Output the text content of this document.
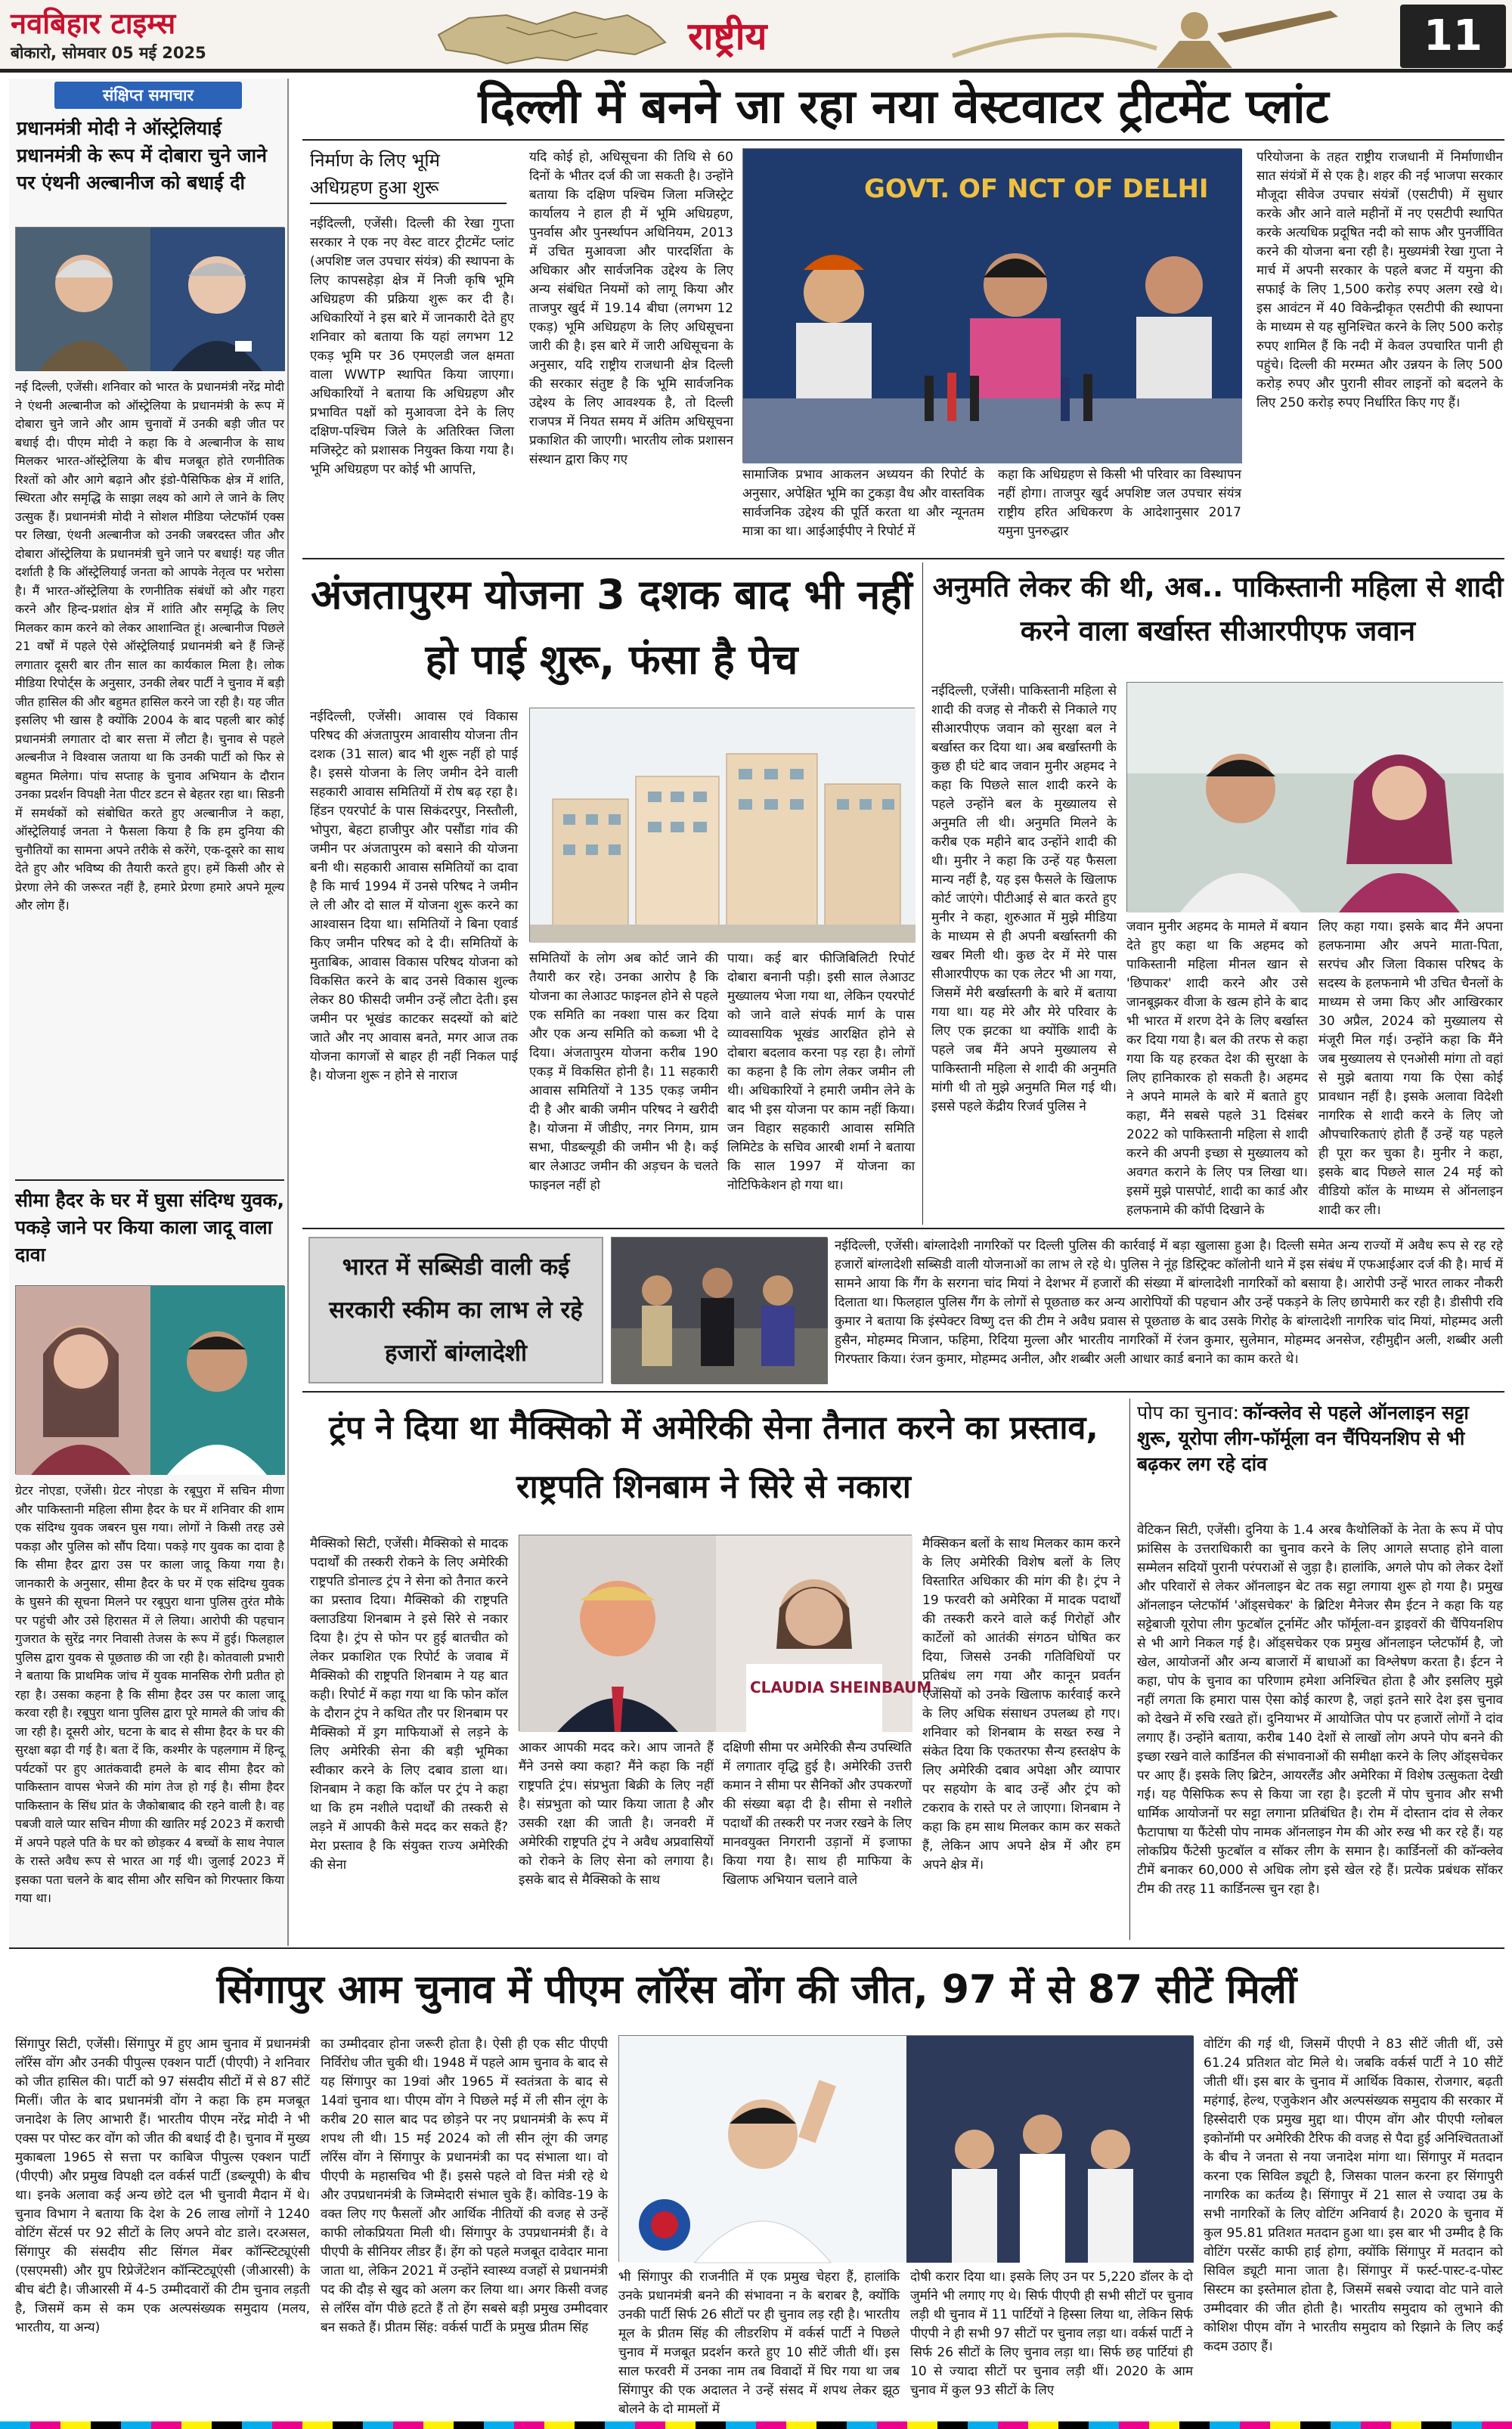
नवबिहार टाइम्स
बोकारो, सोमवार 05 मई 2025	राष्ट्रीय	11
संक्षिप्त समाचार
प्रधानमंत्री मोदी ने ऑस्ट्रेलियाई प्रधानमंत्री के रूप में दोबारा चुने जाने पर एंथनी अल्बानीज को बधाई दी
नई दिल्ली, एजेंसी। शनिवार को भारत के प्रधानमंत्री नरेंद्र मोदी ने एंथनी अल्बानीज को ऑस्ट्रेलिया के प्रधानमंत्री के रूप में दोबारा चुने जाने और आम चुनावों में उनकी बड़ी जीत पर बधाई दी। पीएम मोदी ने कहा कि वे अल्बानीज के साथ मिलकर भारत-ऑस्ट्रेलिया के बीच मजबूत होते रणनीतिक रिश्तों को और आगे बढ़ाने और इंडो-पैसिफिक क्षेत्र में शांति, स्थिरता और समृद्धि के साझा लक्ष्य को आगे ले जाने के लिए उत्सुक हैं। प्रधानमंत्री मोदी ने सोशल मीडिया प्लेटफॉर्म एक्स पर लिखा, एंथनी अल्बानीज को उनकी जबरदस्त जीत और दोबारा ऑस्ट्रेलिया के प्रधानमंत्री चुने जाने पर बधाई! यह जीत दर्शाती है कि ऑस्ट्रेलियाई जनता को आपके नेतृत्व पर भरोसा है। मैं भारत-ऑस्ट्रेलिया के रणनीतिक संबंधों को और गहरा करने और हिन्द-प्रशांत क्षेत्र में शांति और समृद्धि के लिए मिलकर काम करने को लेकर आशान्वित हूं। अल्बानीज पिछले 21 वर्षों में पहले ऐसे ऑस्ट्रेलियाई प्रधानमंत्री बने हैं जिन्हें लगातार दूसरी बार तीन साल का कार्यकाल मिला है। लोक मीडिया रिपोर्ट्स के अनुसार, उनकी लेबर पार्टी ने चुनाव में बड़ी जीत हासिल की और बहुमत हासिल करने जा रही है। यह जीत इसलिए भी खास है क्योंकि 2004 के बाद पहली बार कोई प्रधानमंत्री लगातार दो बार सत्ता में लौटा है। चुनाव से पहले अल्बनीज ने विश्वास जताया था कि उनकी पार्टी को फिर से बहुमत मिलेगा। पांच सप्ताह के चुनाव अभियान के दौरान उनका प्रदर्शन विपक्षी नेता पीटर डटन से बेहतर रहा था। सिडनी में समर्थकों को संबोधित करते हुए अल्बानीज ने कहा, ऑस्ट्रेलियाई जनता ने फैसला किया है कि हम दुनिया की चुनौतियों का सामना अपने तरीके से करेंगे, एक-दूसरे का साथ देते हुए और भविष्य की तैयारी करते हुए। हमें किसी और से प्रेरणा लेने की जरूरत नहीं है, हमारे प्रेरणा हमारे अपने मूल्य और लोग हैं।
सीमा हैदर के घर में घुसा संदिग्ध युवक, पकड़े जाने पर किया काला जादू वाला दावा
ग्रेटर नोएडा, एजेंसी। ग्रेटर नोएडा के रबूपुरा में सचिन मीणा और पाकिस्तानी महिला सीमा हैदर के घर में शनिवार की शाम एक संदिग्ध युवक जबरन घुस गया। लोगों ने किसी तरह उसे पकड़ा और पुलिस को सौंप दिया। पकड़े गए युवक का दावा है कि सीमा हैदर द्वारा उस पर काला जादू किया गया है। जानकारी के अनुसार, सीमा हैदर के घर में एक संदिग्ध युवक के घुसने की सूचना मिलने पर रबूपुरा थाना पुलिस तुरंत मौके पर पहुंची और उसे हिरासत में ले लिया। आरोपी की पहचान गुजरात के सुरेंद्र नगर निवासी तेजस के रूप में हुई। फिलहाल पुलिस द्वारा युवक से पूछताछ की जा रही है। कोतवाली प्रभारी ने बताया कि प्राथमिक जांच में युवक मानसिक रोगी प्रतीत हो रहा है। उसका कहना है कि सीमा हैदर उस पर काला जादू करवा रही है। रबूपुरा थाना पुलिस द्वारा पूरे मामले की जांच की जा रही है। दूसरी ओर, घटना के बाद से सीमा हैदर के घर की सुरक्षा बढ़ा दी गई है। बता दें कि, कश्मीर के पहलगाम में हिन्दू पर्यटकों पर हुए आतंकवादी हमले के बाद सीमा हैदर को पाकिस्तान वापस भेजने की मांग तेज हो गई है। सीमा हैदर पाकिस्तान के सिंध प्रांत के जैकोबाबाद की रहने वाली है। वह पबजी वाले प्यार सचिन मीणा की खातिर मई 2023 में कराची में अपने पहले पति के घर को छोड़कर 4 बच्चों के साथ नेपाल के रास्ते अवैध रूप से भारत आ गई थी। जुलाई 2023 में इसका पता चलने के बाद सीमा और सचिन को गिरफ्तार किया गया था।
दिल्ली में बनने जा रहा नया वेस्टवाटर ट्रीटमेंट प्लांट
निर्माण के लिए भूमि अधिग्रहण हुआ शुरू
नईदिल्ली, एजेंसी। दिल्ली की रेखा गुप्ता सरकार ने एक नए वेस्ट वाटर ट्रीटमेंट प्लांट (अपशिष्ट जल उपचार संयंत्र) की स्थापना के लिए कापसहेड़ा क्षेत्र में निजी कृषि भूमि अधिग्रहण की प्रक्रिया शुरू कर दी है। अधिकारियों ने इस बारे में जानकारी देते हुए शनिवार को बताया कि यहां लगभग 12 एकड़ भूमि पर 36 एमएलडी जल क्षमता वाला WWTP स्थापित किया जाएगा। अधिकारियों ने बताया कि अधिग्रहण और प्रभावित पक्षों को मुआवजा देने के लिए दक्षिण-पश्चिम जिले के अतिरिक्त जिला मजिस्ट्रेट को प्रशासक नियुक्त किया गया है। भूमि अधिग्रहण पर कोई भी आपत्ति,
यदि कोई हो, अधिसूचना की तिथि से 60 दिनों के भीतर दर्ज की जा सकती है। उन्होंने बताया कि दक्षिण पश्चिम जिला मजिस्ट्रेट कार्यालय ने हाल ही में भूमि अधिग्रहण, पुनर्वास और पुनर्स्थापन अधिनियम, 2013 में उचित मुआवजा और पारदर्शिता के अधिकार और सार्वजनिक उद्देश्य के लिए अन्य संबंधित नियमों को लागू किया और ताजपुर खुर्द में 19.14 बीघा (लगभग 12 एकड़) भूमि अधिग्रहण के लिए अधिसूचना जारी की है। इस बारे में जारी अधिसूचना के अनुसार, यदि राष्ट्रीय राजधानी क्षेत्र दिल्ली की सरकार संतुष्ट है कि भूमि सार्वजनिक उद्देश्य के लिए आवश्यक है, तो दिल्ली राजपत्र में नियत समय में अंतिम अधिसूचना प्रकाशित की जाएगी। भारतीय लोक प्रशासन संस्थान द्वारा किए गए
GOVT. OF NCT OF DELHI
सामाजिक प्रभाव आकलन अध्ययन की रिपोर्ट के अनुसार, अपेक्षित भूमि का टुकड़ा वैध और वास्तविक सार्वजनिक उद्देश्य की पूर्ति करता था और न्यूनतम मात्रा का था। आईआईपीए ने रिपोर्ट में
कहा कि अधिग्रहण से किसी भी परिवार का विस्थापन नहीं होगा। ताजपुर खुर्द अपशिष्ट जल उपचार संयंत्र राष्ट्रीय हरित अधिकरण के आदेशानुसार 2017 यमुना पुनरुद्धार
परियोजना के तहत राष्ट्रीय राजधानी में निर्माणाधीन सात संयंत्रों में से एक है। शहर की नई भाजपा सरकार मौजूदा सीवेज उपचार संयंत्रों (एसटीपी) में सुधार करके और आने वाले महीनों में नए एसटीपी स्थापित करके अत्यधिक प्रदूषित नदी को साफ और पुनर्जीवित करने की योजना बना रही है। मुख्यमंत्री रेखा गुप्ता ने मार्च में अपनी सरकार के पहले बजट में यमुना की सफाई के लिए 1,500 करोड़ रुपए अलग रखे थे। इस आवंटन में 40 विकेन्द्रीकृत एसटीपी की स्थापना के माध्यम से यह सुनिश्चित करने के लिए 500 करोड़ रुपए शामिल हैं कि नदी में केवल उपचारित पानी ही पहुंचे। दिल्ली की मरम्मत और उन्नयन के लिए 500 करोड़ रुपए और पुरानी सीवर लाइनों को बदलने के लिए 250 करोड़ रुपए निर्धारित किए गए हैं।
अंजतापुरम योजना 3 दशक बाद भी नहीं हो पाई शुरू, फंसा है पेच
नईदिल्ली, एजेंसी। आवास एवं विकास परिषद की अंजतापुरम आवासीय योजना तीन दशक (31 साल) बाद भी शुरू नहीं हो पाई है। इससे योजना के लिए जमीन देने वाली सहकारी आवास समितियों में रोष बढ़ रहा है। हिंडन एयरपोर्ट के पास सिकंदरपुर, निस्तौली, भोपुरा, बेहटा हाजीपुर और पसौंडा गांव की जमीन पर अंजतापुरम को बसाने की योजना बनी थी। सहकारी आवास समितियों का दावा है कि मार्च 1994 में उनसे परिषद ने जमीन ले ली और दो साल में योजना शुरू करने का आश्वासन दिया था। समितियों ने बिना एवार्ड किए जमीन परिषद को दे दी। समितियों के मुताबिक, आवास विकास परिषद योजना को विकसित करने के बाद उनसे विकास शुल्क लेकर 80 फीसदी जमीन उन्हें लौटा देती। इस जमीन पर भूखंड काटकर सदस्यों को बांटे जाते और नए आवास बनते, मगर आज तक योजना कागजों से बाहर ही नहीं निकल पाई है। योजना शुरू न होने से नाराज
समितियों के लोग अब कोर्ट जाने की तैयारी कर रहे। उनका आरोप है कि योजना का लेआउट फाइनल होने से पहले एक समिति का नक्शा पास कर दिया और एक अन्य समिति को कब्जा भी दे दिया। अंजतापुरम योजना करीब 190 एकड़ में विकसित होनी है। 11 सहकारी आवास समितियों ने 135 एकड़ जमीन दी है और बाकी जमीन परिषद ने खरीदी है। योजना में जीडीए, नगर निगम, ग्राम सभा, पीडब्ल्यूडी की जमीन भी है। कई बार लेआउट जमीन की अड़चन के चलते फाइनल नहीं हो
पाया। कई बार फीजिबिलिटी रिपोर्ट दोबारा बनानी पड़ी। इसी साल लेआउट मुख्यालय भेजा गया था, लेकिन एयरपोर्ट को जाने वाले संपर्क मार्ग के पास व्यावसायिक भूखंड आरक्षित होने से दोबारा बदलाव करना पड़ रहा है। लोगों का कहना है कि लोग लेकर जमीन ली थी। अधिकारियों ने हमारी जमीन लेने के बाद भी इस योजना पर काम नहीं किया। जन विहार सहकारी आवास समिति लिमिटेड के सचिव आरबी शर्मा ने बताया कि साल 1997 में योजना का नोटिफिकेशन हो गया था।
अनुमति लेकर की थी, अब.. पाकिस्तानी महिला से शादी करने वाला बर्खास्त सीआरपीएफ जवान
नईदिल्ली, एजेंसी। पाकिस्तानी महिला से शादी की वजह से नौकरी से निकाले गए सीआरपीएफ जवान को सुरक्षा बल ने बर्खास्त कर दिया था। अब बर्खास्तगी के कुछ ही घंटे बाद जवान मुनीर अहमद ने कहा कि पिछले साल शादी करने के पहले उन्होंने बल के मुख्यालय से अनुमति ली थी। अनुमति मिलने के करीब एक महीने बाद उन्होंने शादी की थी। मुनीर ने कहा कि उन्हें यह फैसला मान्य नहीं है, यह इस फैसले के खिलाफ कोर्ट जाएंगे। पीटीआई से बात करते हुए मुनीर ने कहा, शुरुआत में मुझे मीडिया के माध्यम से ही अपनी बर्खास्तगी की खबर मिली थी। कुछ देर में मेरे पास सीआरपीएफ का एक लेटर भी आ गया, जिसमें मेरी बर्खास्तगी के बारे में बताया गया था। यह मेरे और मेरे परिवार के लिए एक झटका था क्योंकि शादी के पहले जब मैंने अपने मुख्यालय से पाकिस्तानी महिला से शादी की अनुमति मांगी थी तो मुझे अनुमति मिल गई थी। इससे पहले केंद्रीय रिजर्व पुलिस ने
जवान मुनीर अहमद के मामले में बयान देते हुए कहा था कि अहमद को पाकिस्तानी महिला मीनल खान से 'छिपाकर' शादी करने और उसे जानबूझकर वीजा के खत्म होने के बाद भी भारत में शरण देने के लिए बर्खास्त कर दिया गया है। बल की तरफ से कहा गया कि यह हरकत देश की सुरक्षा के लिए हानिकारक हो सकती है। अहमद ने अपने मामले के बारे में बताते हुए कहा, मैंने सबसे पहले 31 दिसंबर 2022 को पाकिस्तानी महिला से शादी करने की अपनी इच्छा से मुख्यालय को अवगत कराने के लिए पत्र लिखा था। इसमें मुझे पासपोर्ट, शादी का कार्ड और हलफनामे की कॉपी दिखाने के
लिए कहा गया। इसके बाद मैंने अपना हलफनामा और अपने माता-पिता, सरपंच और जिला विकास परिषद के सदस्य के हलफनामे भी उचित चैनलों के माध्यम से जमा किए और आखिरकार 30 अप्रैल, 2024 को मुख्यालय से मंजूरी मिल गई। उन्होंने कहा कि मैंने जब मुख्यालय से एनओसी मांगा तो वहां से मुझे बताया गया कि ऐसा कोई प्रावधान नहीं है। इसके अलावा विदेशी नागरिक से शादी करने के लिए जो औपचारिकताएं होती हैं उन्हें यह पहले ही पूरा कर चुका है। मुनीर ने कहा, इसके बाद पिछले साल 24 मई को वीडियो कॉल के माध्यम से ऑनलाइन शादी कर ली।
भारत में सब्सिडी वाली कई सरकारी स्कीम का लाभ ले रहे हजारों बांग्लादेशी
नईदिल्ली, एजेंसी। बांग्लादेशी नागरिकों पर दिल्ली पुलिस की कार्रवाई में बड़ा खुलासा हुआ है। दिल्ली समेत अन्य राज्यों में अवैध रूप से रह रहे हजारों बांग्लादेशी सब्सिडी वाली योजनाओं का लाभ ले रहे थे। पुलिस ने नूंह डिस्ट्रिक्ट कॉलोनी थाने में इस संबंध में एफआईआर दर्ज की है। मार्च में सामने आया कि गैंग के सरगना चांद मियां ने देशभर में हजारों की संख्या में बांग्लादेशी नागरिकों को बसाया है। आरोपी उन्हें भारत लाकर नौकरी दिलाता था। फिलहाल पुलिस गैंग के लोगों से पूछताछ कर अन्य आरोपियों की पहचान और उन्हें पकड़ने के लिए छापेमारी कर रही है। डीसीपी रवि कुमार ने बताया कि इंस्पेक्टर विष्णु दत्त की टीम ने अवैध प्रवास से पूछताछ के बाद उसके गिरोह के बांग्लादेशी नागरिक चांद मियां, मोहम्मद अली हुसैन, मोहम्मद मिजान, फहिमा, रिदिया मुल्ला और भारतीय नागरिकों में रंजन कुमार, सुलेमान, मोहम्मद अनसेज, रहीमुद्दीन अली, शब्बीर अली गिरफ्तार किया। रंजन कुमार, मोहम्मद अनील, और शब्बीर अली आधार कार्ड बनाने का काम करते थे।
ट्रंप ने दिया था मैक्सिको में अमेरिकी सेना तैनात करने का प्रस्ताव, राष्ट्रपति शिनबाम ने सिरे से नकारा
मैक्सिको सिटी, एजेंसी। मैक्सिको से मादक पदार्थों की तस्करी रोकने के लिए अमेरिकी राष्ट्रपति डोनाल्ड ट्रंप ने सेना को तैनात करने का प्रस्ताव दिया। मैक्सिको की राष्ट्रपति क्लाउडिया शिनबाम ने इसे सिरे से नकार दिया है। ट्रंप से फोन पर हुई बातचीत को लेकर प्रकाशित एक रिपोर्ट के जवाब में मैक्सिको की राष्ट्रपति शिनबाम ने यह बात कही। रिपोर्ट में कहा गया था कि फोन कॉल के दौरान ट्रंप ने कथित तौर पर शिनबाम पर मैक्सिको में ड्रग माफियाओं से लड़ने के लिए अमेरिकी सेना की बड़ी भूमिका स्वीकार करने के लिए दबाव डाला था। शिनबाम ने कहा कि कॉल पर ट्रंप ने कहा था कि हम नशीले पदार्थों की तस्करी से लड़ने में आपकी कैसे मदद कर सकते हैं? मेरा प्रस्ताव है कि संयुक्त राज्य अमेरिकी की सेना
CLAUDIA SHEINBAUM
आकर आपकी मदद करे। आप जानते हैं मैंने उनसे क्या कहा? मैंने कहा कि नहीं राष्ट्रपति ट्रंप। संप्रभुता बिक्री के लिए नहीं है। संप्रभुता को प्यार किया जाता है और उसकी रक्षा की जाती है। जनवरी में अमेरिकी राष्ट्रपति ट्रंप ने अवैध अप्रवासियों को रोकने के लिए सेना को लगाया है। इसके बाद से मैक्सिको के साथ
दक्षिणी सीमा पर अमेरिकी सैन्य उपस्थिति में लगातार वृद्धि हुई है। अमेरिकी उत्तरी कमान ने सीमा पर सैनिकों और उपकरणों की संख्या बढ़ा दी है। सीमा से नशीले पदार्थों की तस्करी पर नजर रखने के लिए मानवयुक्त निगरानी उड़ानों में इजाफा किया गया है। साथ ही माफिया के खिलाफ अभियान चलाने वाले
मैक्सिकन बलों के साथ मिलकर काम करने के लिए अमेरिकी विशेष बलों के लिए विस्तारित अधिकार की मांग की है। ट्रंप ने 19 फरवरी को अमेरिका में मादक पदार्थों की तस्करी करने वाले कई गिरोहों और कार्टेलों को आतंकी संगठन घोषित कर दिया, जिससे उनकी गतिविधियों पर प्रतिबंध लग गया और कानून प्रवर्तन एजेंसियों को उनके खिलाफ कार्रवाई करने के लिए अधिक संसाधन उपलब्ध हो गए। शनिवार को शिनबाम के सख्त रुख ने संकेत दिया कि एकतरफा सैन्य हस्तक्षेप के लिए अमेरिकी दबाव अपेक्षा और व्यापार पर सहयोग के बाद उन्हें और ट्रंप को टकराव के रास्ते पर ले जाएगा। शिनबाम ने कहा कि हम साथ मिलकर काम कर सकते हैं, लेकिन आप अपने क्षेत्र में और हम अपने क्षेत्र में।
पोप का चुनाव: कॉन्क्लेव से पहले ऑनलाइन सट्टा शुरू, यूरोपा लीग-फॉर्मूला वन चैंपियनशिप से भी बढ़कर लग रहे दांव
वेटिकन सिटी, एजेंसी। दुनिया के 1.4 अरब कैथोलिकों के नेता के रूप में पोप फ्रांसिस के उत्तराधिकारी का चुनाव करने के लिए आगले सप्ताह होने वाला सम्मेलन सदियों पुरानी परंपराओं से जुड़ा है। हालांकि, अगले पोप को लेकर देशों और परिवारों से लेकर ऑनलाइन बेट तक सट्टा लगाया शुरू हो गया है। प्रमुख ऑनलाइन प्लेटफॉर्म 'ऑड्सचेकर' के ब्रिटिश मैनेजर सैम ईटन ने कहा कि यह सट्टेबाजी यूरोपा लीग फुटबॉल टूर्नामेंट और फॉर्मूला-वन ड्राइवरों की चैंपियनशिप से भी आगे निकल गई है। ऑड्सचेकर एक प्रमुख ऑनलाइन प्लेटफॉर्म है, जो खेल, आयोजनों और अन्य बाजारों में बाधाओं का विश्लेषण करता है। ईटन ने कहा, पोप के चुनाव का परिणाम हमेशा अनिश्चित होता है और इसलिए मुझे नहीं लगता कि हमारा पास ऐसा कोई कारण है, जहां इतने सारे देश इस चुनाव को देखने में रुचि रखते हों। दुनियाभर में आयोजित पोप पर हजारों लोगों ने दांव लगाए हैं। उन्होंने बताया, करीब 140 देशों से लाखों लोग अपने पोप बनने की इच्छा रखने वाले कार्डिनल की संभावनाओं की समीक्षा करने के लिए ऑड्सचेकर पर आए हैं। इसके लिए ब्रिटेन, आयरलैंड और अमेरिका में विशेष उत्सुकता देखी गई। यह पैसिफिक रूप से किया जा रहा है। इटली में पोप चुनाव और सभी धार्मिक आयोजनों पर सट्टा लगाना प्रतिबंधित है। रोम में दोस्तान दांव से लेकर फैटापाषा या फैंटेसी पोप नामक ऑनलाइन गेम की ओर रुख भी कर रहे हैं। यह लोकप्रिय फैंटेसी फुटबॉल व सॉकर लीग के समान है। कार्डिनलों की कॉन्क्लेव टीमें बनाकर 60,000 से अधिक लोग इसे खेल रहे हैं। प्रत्येक प्रबंधक सॉकर टीम की तरह 11 कार्डिनल्स चुन रहा है।
सिंगापुर आम चुनाव में पीएम लॉरेंस वोंग की जीत, 97 में से 87 सीटें मिलीं
सिंगापुर सिटी, एजेंसी। सिंगापुर में हुए आम चुनाव में प्रधानमंत्री लॉरेंस वोंग और उनकी पीपुल्स एक्शन पार्टी (पीएपी) ने शनिवार को जीत हासिल की। पार्टी को 97 संसदीय सीटों में से 87 सीटें मिलीं। जीत के बाद प्रधानमंत्री वोंग ने कहा कि हम मजबूत जनादेश के लिए आभारी हैं। भारतीय पीएम नरेंद्र मोदी ने भी एक्स पर पोस्ट कर वोंग को जीत की बधाई दी है। चुनाव में मुख्य मुकाबला 1965 से सत्ता पर काबिज पीपुल्स एक्शन पार्टी (पीएपी) और प्रमुख विपक्षी दल वर्कर्स पार्टी (डब्ल्यूपी) के बीच था। इनके अलावा कई अन्य छोटे दल भी चुनावी मैदान में थे। चुनाव विभाग ने बताया कि देश के 26 लाख लोगों ने 1240 वोटिंग सेंटर्स पर 92 सीटों के लिए अपने वोट डाले। दरअसल, सिंगापुर की संसदीय सीट सिंगल मेंबर कॉन्स्टिट्यूएंसी (एसएमसी) और ग्रुप रिप्रेजेंटेशन कॉन्स्टिट्यूएंसी (जीआरसी) के बीच बंटी है। जीआरसी में 4-5 उम्मीदवारों की टीम चुनाव लड़ती है, जिसमें कम से कम एक अल्पसंख्यक समुदाय (मलय, भारतीय, या अन्य)
का उम्मीदवार होना जरूरी होता है। ऐसी ही एक सीट पीएपी निर्विरोध जीत चुकी थी। 1948 में पहले आम चुनाव के बाद से यह सिंगापुर का 19वां और 1965 में स्वतंत्रता के बाद से 14वां चुनाव था। पीएम वोंग ने पिछले मई में ली सीन लूंग के करीब 20 साल बाद पद छोड़ने पर नए प्रधानमंत्री के रूप में शपथ ली थी। 15 मई 2024 को ली सीन लूंग की जगह लॉरेंस वोंग ने सिंगापुर के प्रधानमंत्री का पद संभाला था। वो पीएपी के महासचिव भी हैं। इससे पहले वो वित्त मंत्री रहे थे और उपप्रधानमंत्री के जिम्मेदारी संभाल चुके हैं। कोविड-19 के वक्त लिए गए फैसलों और आर्थिक नीतियों की वजह से उन्हें काफी लोकप्रियता मिली थी। सिंगापुर के उपप्रधानमंत्री हैं। वे पीएपी के सीनियर लीडर हैं। हेंग को पहले मजबूत दावेदार माना जाता था, लेकिन 2021 में उन्होंने स्वास्थ्य वजहों से प्रधानमंत्री पद की दौड़ से खुद को अलग कर लिया था। अगर किसी वजह से लॉरेंस वोंग पीछे हटते हैं तो हेंग सबसे बड़ी प्रमुख उम्मीदवार बन सकते हैं। प्रीतम सिंह: वर्कर्स पार्टी के प्रमुख प्रीतम सिंह
भी सिंगापुर की राजनीति में एक प्रमुख चेहरा हैं, हालांकि उनके प्रधानमंत्री बनने की संभावना न के बराबर है, क्योंकि उनकी पार्टी सिर्फ 26 सीटों पर ही चुनाव लड़ रही है। भारतीय मूल के प्रीतम सिंह की लीडरशिप में वर्कर्स पार्टी ने पिछले चुनाव में मजबूत प्रदर्शन करते हुए 10 सीटें जीती थीं। इस साल फरवरी में उनका नाम तब विवादों में घिर गया था जब सिंगापुर की एक अदालत ने उन्हें संसद में शपथ लेकर झूठ बोलने के दो मामलों में
दोषी करार दिया था। इसके लिए उन पर 5,220 डॉलर के दो जुर्माने भी लगाए गए थे। सिर्फ पीएपी ही सभी सीटों पर चुनाव लड़ी थी चुनाव में 11 पार्टियों ने हिस्सा लिया था, लेकिन सिर्फ पीएपी ने ही सभी 97 सीटों पर चुनाव लड़ा था। वर्कर्स पार्टी ने सिर्फ 26 सीटों के लिए चुनाव लड़ा था। सिर्फ छह पार्टियां ही 10 से ज्यादा सीटों पर चुनाव लड़ी थीं। 2020 के आम चुनाव में कुल 93 सीटों के लिए
वोटिंग की गई थी, जिसमें पीएपी ने 83 सीटें जीती थीं, उसे 61.24 प्रतिशत वोट मिले थे। जबकि वर्कर्स पार्टी ने 10 सीटें जीती थीं। इस बार के चुनाव में आर्थिक विकास, रोजगार, बढ़ती महंगाई, हेल्थ, एजुकेशन और अल्पसंख्यक समुदाय की सरकार में हिस्सेदारी एक प्रमुख मुद्दा था। पीएम वोंग और पीएपी ग्लोबल इकोनॉमी पर अमेरिकी टैरिफ की वजह से पैदा हुई अनिश्चितताओं के बीच ने जनता से नया जनादेश मांगा था। सिंगापुर में मतदान करना एक सिविल ड्यूटी है, जिसका पालन करना हर सिंगापुरी नागरिक का कर्तव्य है। सिंगापुर में 21 साल से ज्यादा उम्र के सभी नागरिकों के लिए वोटिंग अनिवार्य है। 2020 के चुनाव में कुल 95.81 प्रतिशत मतदान हुआ था। इस बार भी उम्मीद है कि वोटिंग परसेंट काफी हाई होगा, क्योंकि सिंगापुर में मतदान को सिविल ड्यूटी माना जाता है। सिंगापुर में फर्स्ट-पास्ट-द-पोस्ट सिस्टम का इस्तेमाल होता है, जिसमें सबसे ज्यादा वोट पाने वाले उम्मीदवार की जीत होती है। भारतीय समुदाय को लुभाने की कोशिश पीएम वोंग ने भारतीय समुदाय को रिझाने के लिए कई कदम उठाए हैं।
